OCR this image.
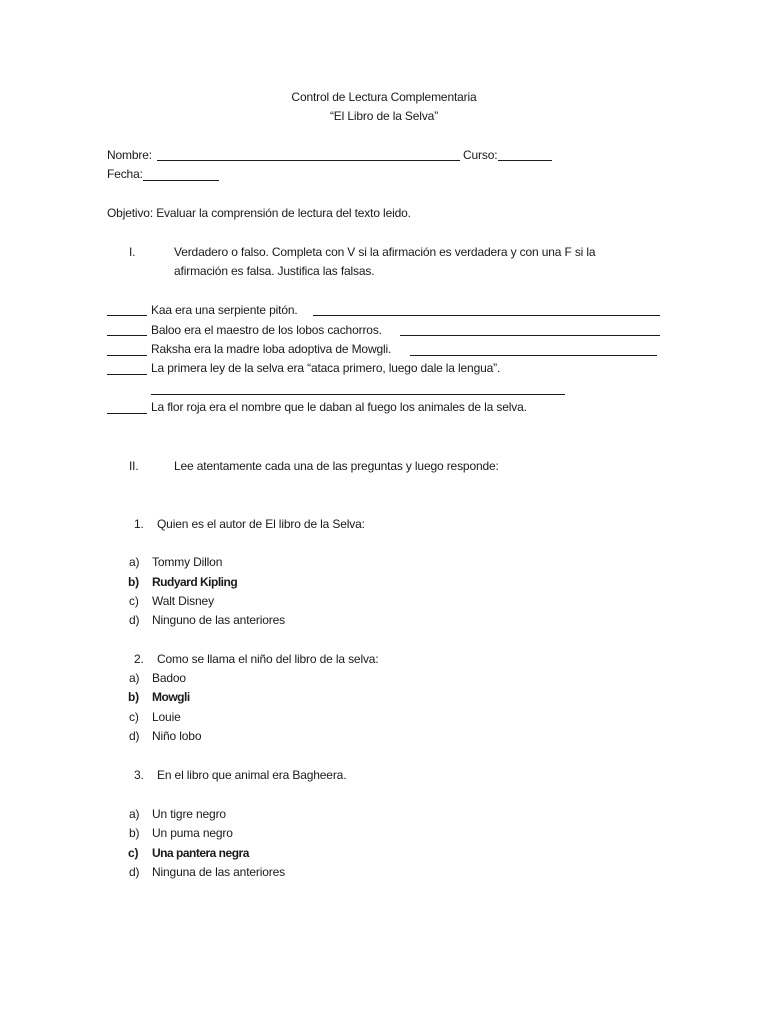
Control de Lectura Complementaria
“El Libro de la Selva”
Nombre:	Curso:
Fecha:
Objetivo: Evaluar la comprensión de lectura del texto leido.
I.	Verdadero o falso. Completa con V si la afirmación es verdadera y con una F si la
afirmación es falsa. Justifica las falsas.
Kaa era una serpiente pitón.
Baloo era el maestro de los lobos cachorros.
Raksha era la madre loba adoptiva de Mowgli.
La primera ley de la selva era “ataca primero, luego dale la lengua”.
La flor roja era el nombre que le daban al fuego los animales de la selva.
II.	Lee atentamente cada una de las preguntas y luego responde:
1. Quien es el autor de El libro de la Selva:
a) Tommy Dillon
b) Rudyard Kipling
c) Walt Disney
d) Ninguno de las anteriores
2. Como se llama el niño del libro de la selva:
a) Badoo
b) Mowgli
c) Louie
d) Niño lobo
3. En el libro que animal era Bagheera.
a) Un tigre negro
b) Un puma negro
c) Una pantera negra
d) Ninguna de las anteriores
